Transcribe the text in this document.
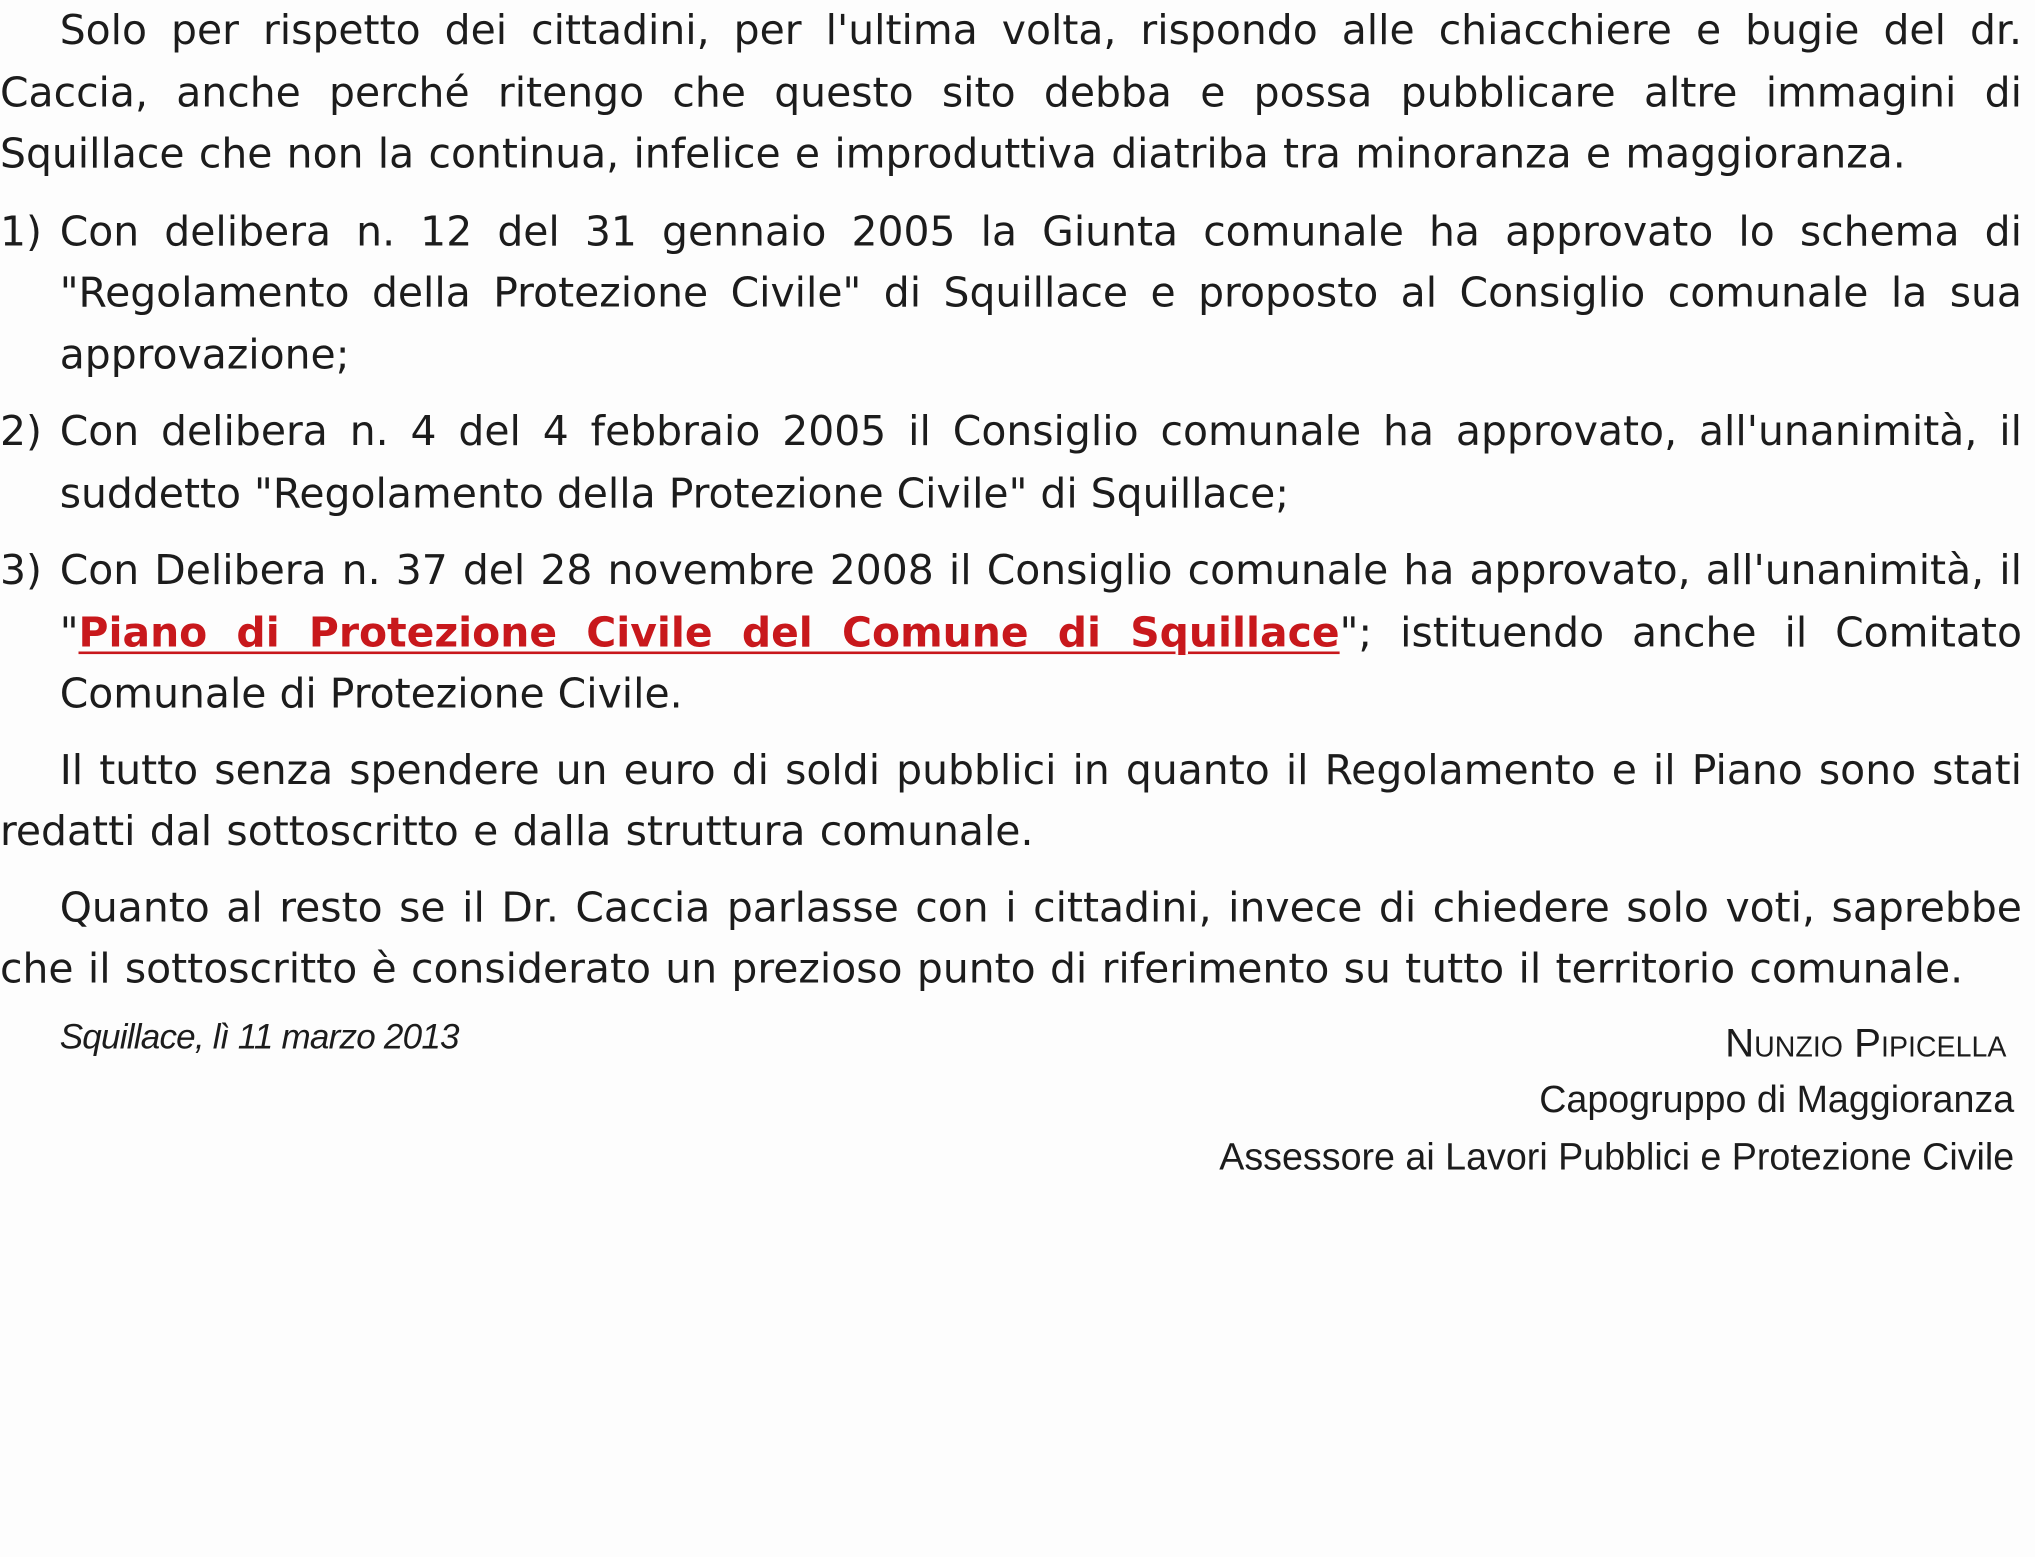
Solo per rispetto dei cittadini, per l'ultima volta, rispondo alle chiacchiere e bugie del dr. Caccia, anche perché ritengo che questo sito debba e possa pubblicare altre immagini di Squillace che non la continua, infelice e improduttiva diatriba tra minoranza e maggioranza.

1) Con delibera n. 12 del 31 gennaio 2005 la Giunta comunale ha approvato lo schema di "Regolamento della Protezione Civile" di Squillace e proposto al Consiglio comunale la sua approvazione;
2) Con delibera n. 4 del 4 febbraio 2005 il Consiglio comunale ha approvato, all'unanimità, il suddetto "Regolamento della Protezione Civile" di Squillace;
3) Con Delibera n. 37 del 28 novembre 2008 il Consiglio comunale ha approvato, all'unanimità, il "Piano di Protezione Civile del Comune di Squillace"; istituendo anche il Comitato Comunale di Protezione Civile.

Il tutto senza spendere un euro di soldi pubblici in quanto il Regolamento e il Piano sono stati redatti dal sottoscritto e dalla struttura comunale.

Quanto al resto se il Dr. Caccia parlasse con i cittadini, invece di chiedere solo voti, saprebbe che il sottoscritto è considerato un prezioso punto di riferimento su tutto il territorio comunale.

Squillace, lì 11 marzo 2013	Nunzio Pipicella
Capogruppo di Maggioranza
Assessore ai Lavori Pubblici e Protezione Civile
